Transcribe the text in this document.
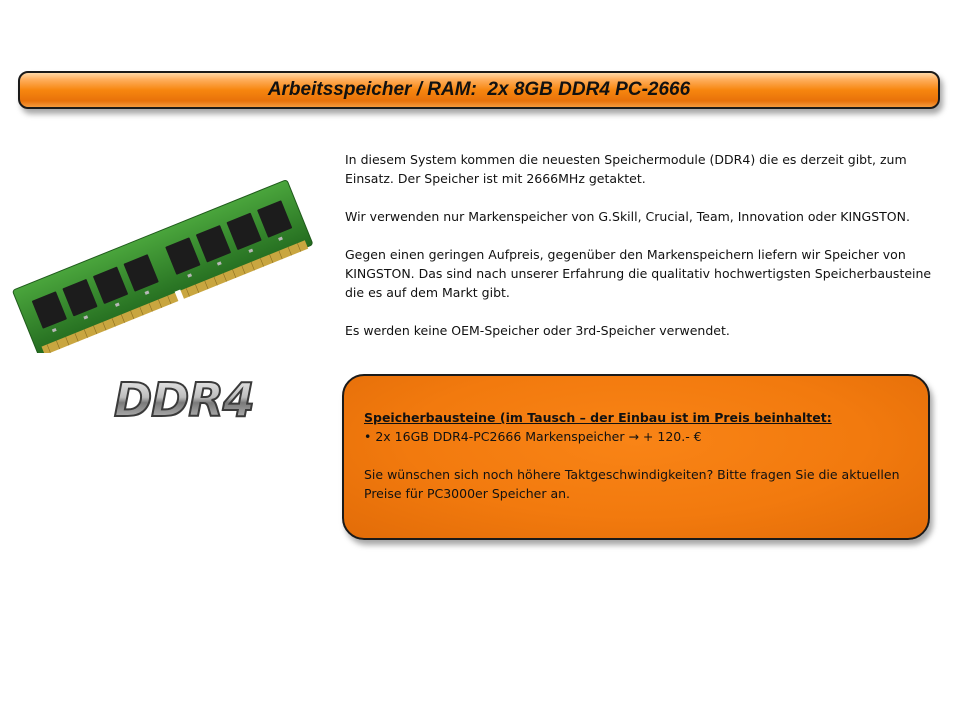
Arbeitsspeicher / RAM:  2x 8GB DDR4 PC-2666
DDR4

In diesem System kommen die neuesten Speichermodule (DDR4) die es derzeit gibt, zum Einsatz. Der Speicher ist mit 2666MHz getaktet.

Wir verwenden nur Markenspeicher von G.Skill, Crucial, Team, Innovation oder KINGSTON.

Gegen einen geringen Aufpreis, gegenüber den Markenspeichern liefern wir Speicher von KINGSTON. Das sind nach unserer Erfahrung die qualitativ hochwertigsten Speicherbausteine die es auf dem Markt gibt.

Es werden keine OEM-Speicher oder 3rd-Speicher verwendet.

Speicherbausteine (im Tausch – der Einbau ist im Preis beinhaltet:
• 2x 16GB DDR4-PC2666 Markenspeicher → + 120.- €
Sie wünschen sich noch höhere Taktgeschwindigkeiten? Bitte fragen Sie die aktuellen Preise für PC3000er Speicher an.
